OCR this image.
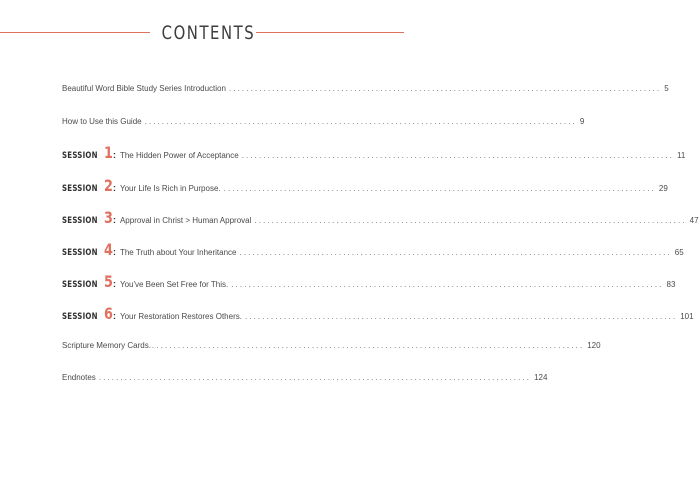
CONTENTS
Beautiful Word Bible Study Series Introduction .................................................................................................... 5
How to Use this Guide .................................................................................................... 9
SESSION 1 : The Hidden Power of Acceptance .................................................................................................... 11
SESSION 2 : Your Life Is Rich in Purpose. .................................................................................................... 29
SESSION 3 : Approval in Christ > Human Approval .................................................................................................... 47
SESSION 4 : The Truth about Your Inheritance .................................................................................................... 65
SESSION 5 : You've Been Set Free for This. .................................................................................................... 83
SESSION 6 : Your Restoration Restores Others. .................................................................................................... 101
Scripture Memory Cards. .................................................................................................... 120
Endnotes .................................................................................................... 124
